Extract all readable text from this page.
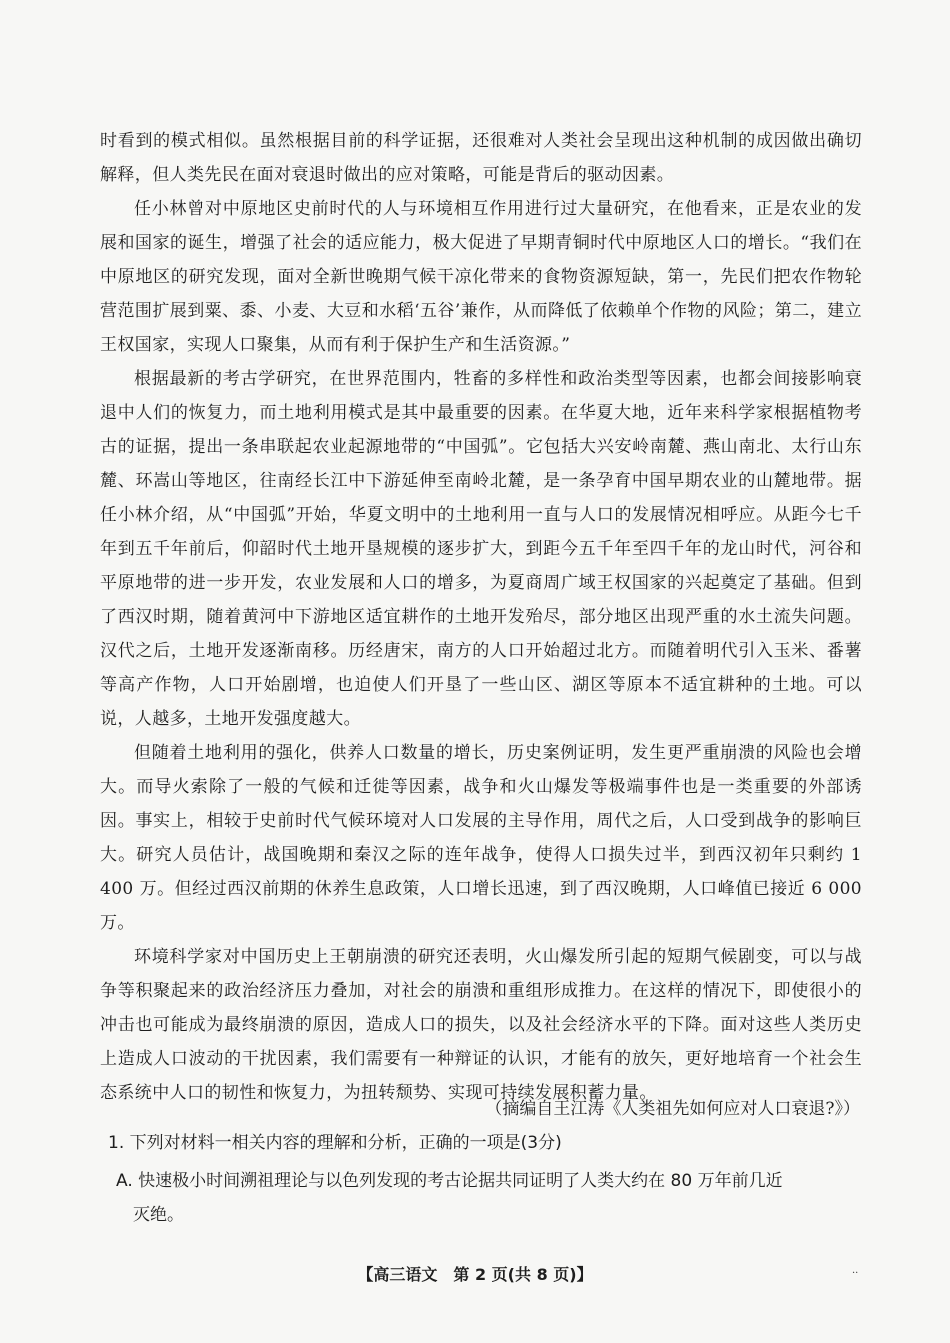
时看到的模式相似。虽然根据目前的科学证据，还很难对人类社会呈现出这种机制的成因做出确切解释，但人类先民在面对衰退时做出的应对策略，可能是背后的驱动因素。

任小林曾对中原地区史前时代的人与环境相互作用进行过大量研究，在他看来，正是农业的发展和国家的诞生，增强了社会的适应能力，极大促进了早期青铜时代中原地区人口的增长。“我们在中原地区的研究发现，面对全新世晚期气候干凉化带来的食物资源短缺，第一，先民们把农作物轮营范围扩展到粟、黍、小麦、大豆和水稻‘五谷’兼作，从而降低了依赖单个作物的风险；第二，建立王权国家，实现人口聚集，从而有利于保护生产和生活资源。”

根据最新的考古学研究，在世界范围内，牲畜的多样性和政治类型等因素，也都会间接影响衰退中人们的恢复力，而土地利用模式是其中最重要的因素。在华夏大地，近年来科学家根据植物考古的证据，提出一条串联起农业起源地带的“中国弧”。它包括大兴安岭南麓、燕山南北、太行山东麓、环嵩山等地区，往南经长江中下游延伸至南岭北麓，是一条孕育中国早期农业的山麓地带。据任小林介绍，从“中国弧”开始，华夏文明中的土地利用一直与人口的发展情况相呼应。从距今七千年到五千年前后，仰韶时代土地开垦规模的逐步扩大，到距今五千年至四千年的龙山时代，河谷和平原地带的进一步开发，农业发展和人口的增多，为夏商周广域王权国家的兴起奠定了基础。但到了西汉时期，随着黄河中下游地区适宜耕作的土地开发殆尽，部分地区出现严重的水土流失问题。汉代之后，土地开发逐渐南移。历经唐宋，南方的人口开始超过北方。而随着明代引入玉米、番薯等高产作物，人口开始剧增，也迫使人们开垦了一些山区、湖区等原本不适宜耕种的土地。可以说，人越多，土地开发强度越大。

但随着土地利用的强化，供养人口数量的增长，历史案例证明，发生更严重崩溃的风险也会增大。而导火索除了一般的气候和迁徙等因素，战争和火山爆发等极端事件也是一类重要的外部诱因。事实上，相较于史前时代气候环境对人口发展的主导作用，周代之后，人口受到战争的影响巨大。研究人员估计，战国晚期和秦汉之际的连年战争，使得人口损失过半，到西汉初年只剩约 1 400 万。但经过西汉前期的休养生息政策，人口增长迅速，到了西汉晚期，人口峰值已接近 6 000 万。

环境科学家对中国历史上王朝崩溃的研究还表明，火山爆发所引起的短期气候剧变，可以与战争等积聚起来的政治经济压力叠加，对社会的崩溃和重组形成推力。在这样的情况下，即使很小的冲击也可能成为最终崩溃的原因，造成人口的损失，以及社会经济水平的下降。面对这些人类历史上造成人口波动的干扰因素，我们需要有一种辩证的认识，才能有的放矢，更好地培育一个社会生态系统中人口的韧性和恢复力，为扭转颓势、实现可持续发展积蓄力量。

（摘编自王江涛《人类祖先如何应对人口衰退?》）

1. 下列对材料一相关内容的理解和分析，正确的一项是(3分)

A. 快速极小时间溯祖理论与以色列发现的考古论据共同证明了人类大约在 80 万年前几近
灭绝。

【高三语文　第 2 页(共 8 页)】	··
